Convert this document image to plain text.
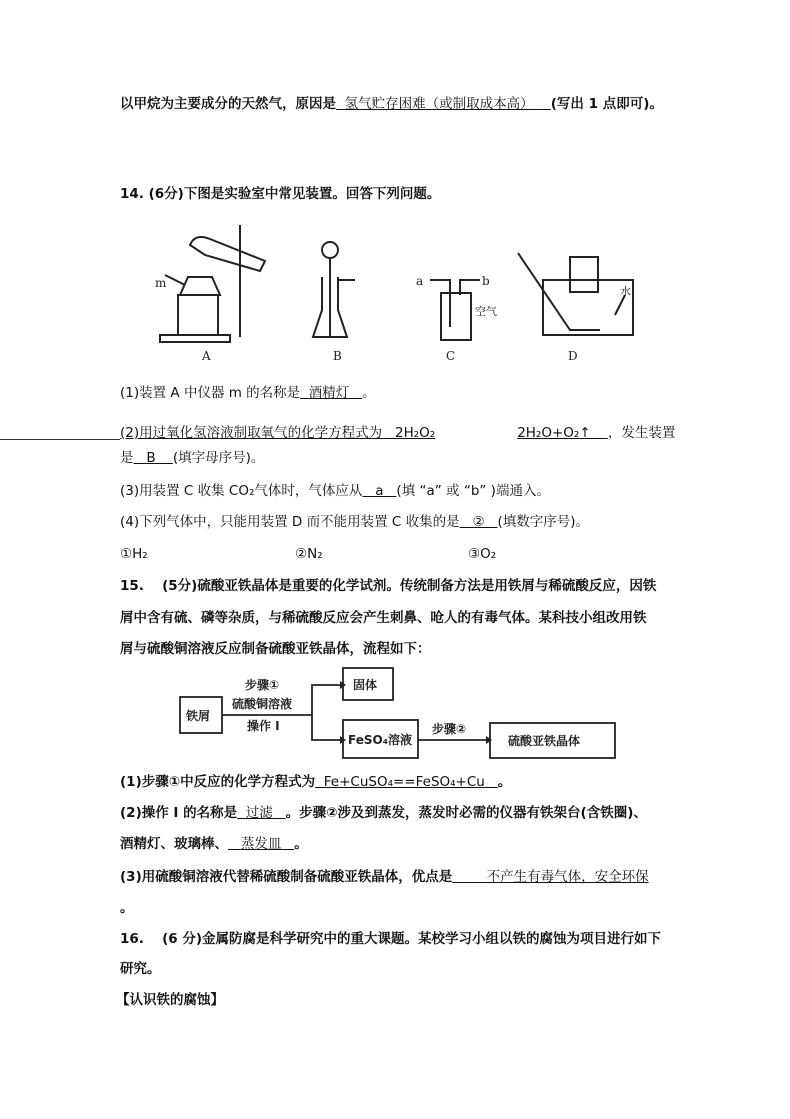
以甲烷为主要成分的天然气，原因是 氢气贮存困难（或制取成本高） (写出 1 点即可)。
14. (6分)下图是实验室中常见装置。回答下列问题。
m
A	B	C	D
a	b
空气
水
(1)装置 A 中仪器 m 的名称是 酒精灯 。
(2)用过氧化氢溶液制取氧气的化学方程式为 2H₂O₂	2H₂O+O₂↑ ，发生装置
是 B (填字母序号)。
(3)用装置 C 收集 CO₂气体时，气体应从 a (填 “a” 或 “b” )端通入。
(4)下列气体中，只能用装置 D 而不能用装置 C 收集的是 ② (填数字序号)。
①H₂	②N₂	③O₂
15.　 (5分)硫酸亚铁晶体是重要的化学试剂。传统制备方法是用铁屑与稀硫酸反应，因铁
屑中含有硫、磷等杂质，与稀硫酸反应会产生刺鼻、呛人的有毒气体。某科技小组改用铁
屑与硫酸铜溶液反应制备硫酸亚铁晶体，流程如下：
铁屑
步骤①
硫酸铜溶液
操作 I
固体
FeSO₄溶液
步骤②
硫酸亚铁晶体
(1)步骤①中反应的化学方程式为 Fe+CuSO₄==FeSO₄+Cu 。
(2)操作 I 的名称是 过滤 。步骤②涉及到蒸发，蒸发时必需的仪器有铁架台(含铁圈)、
酒精灯、玻璃棒、 蒸发皿 。
(3)用硫酸铜溶液代替稀硫酸制备硫酸亚铁晶体，优点是	不产生有毒气体，安全环保
。
16.　 (6 分)金属防腐是科学研究中的重大课题。某校学习小组以铁的腐蚀为项目进行如下
研究。
【认识铁的腐蚀】
